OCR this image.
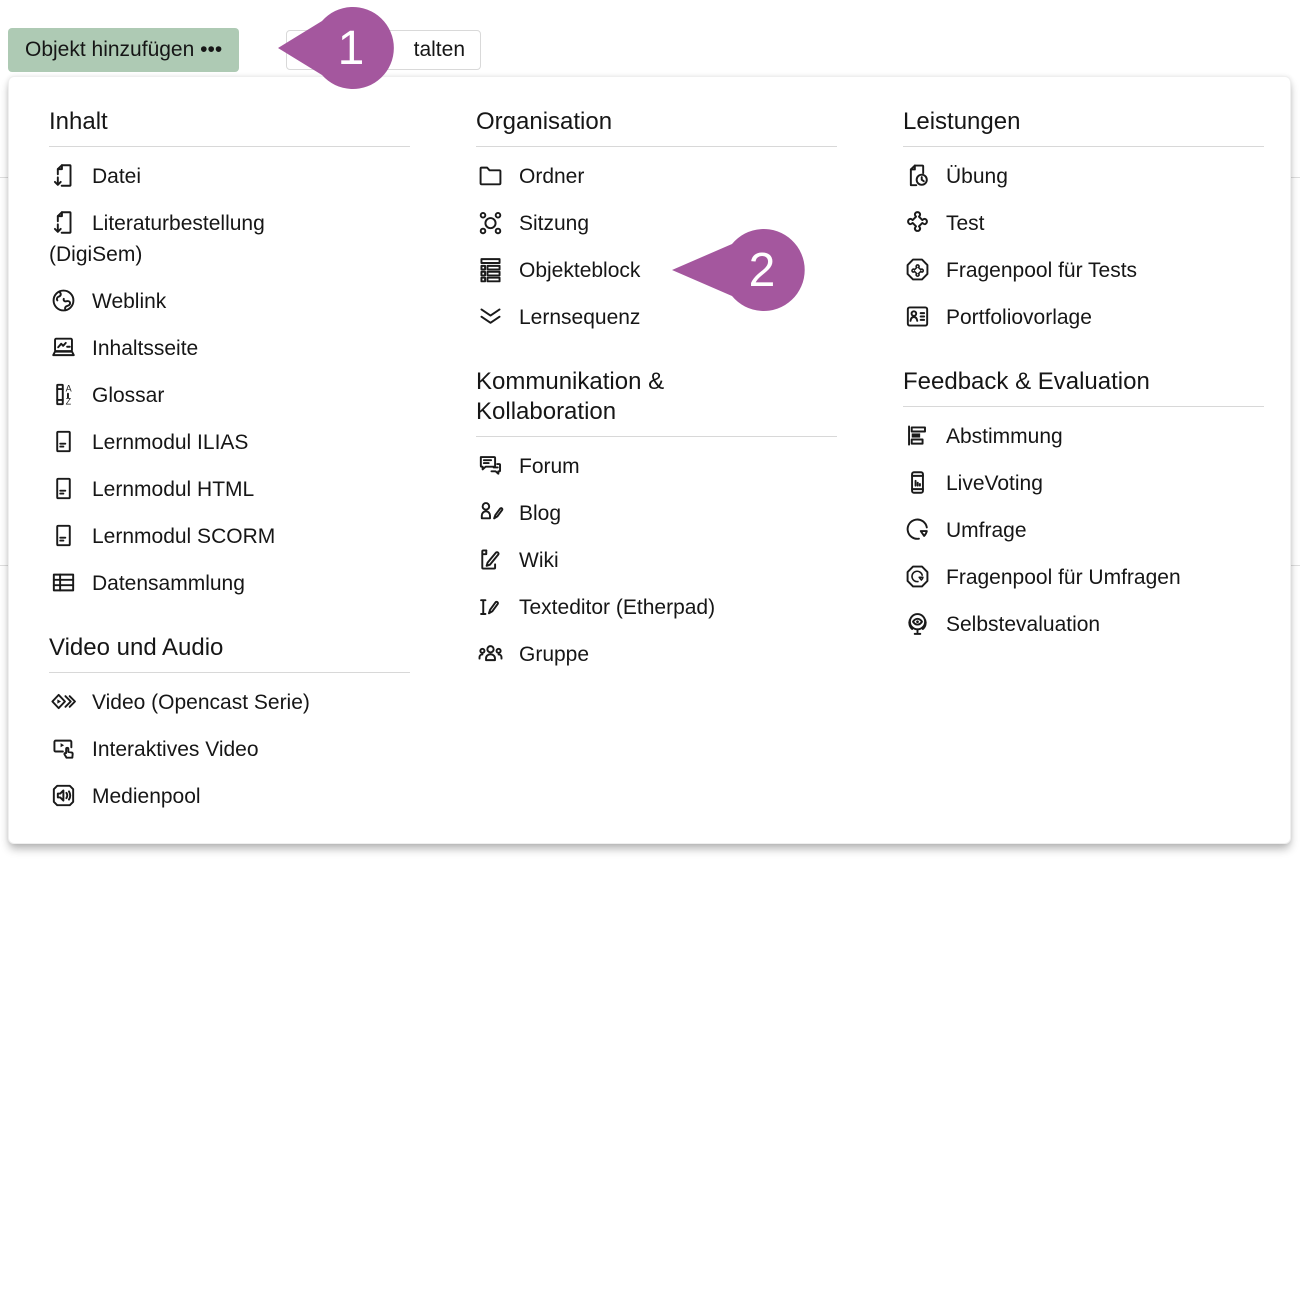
Objekt hinzufügen •••	talten
Inhalt
Datei
Literaturbestellung (DigiSem)
Weblink
Inhaltsseite
A
Z Glossar
Lernmodul ILIAS
Lernmodul HTML
Lernmodul SCORM
Datensammlung
Video und Audio
Video (Opencast Serie)
Interaktives Video
Medienpool
Organisation
Ordner
Sitzung
Objekteblock
Lernsequenz
Kommunikation & Kollaboration
Forum
Blog
Wiki
Texteditor (Etherpad)
Gruppe
Leistungen
Übung
Test
Fragenpool für Tests
Portfoliovorlage
Feedback & Evaluation
Abstimmung
LiveVoting
Umfrage
Fragenpool für Umfragen
Selbstevaluation
1
2
